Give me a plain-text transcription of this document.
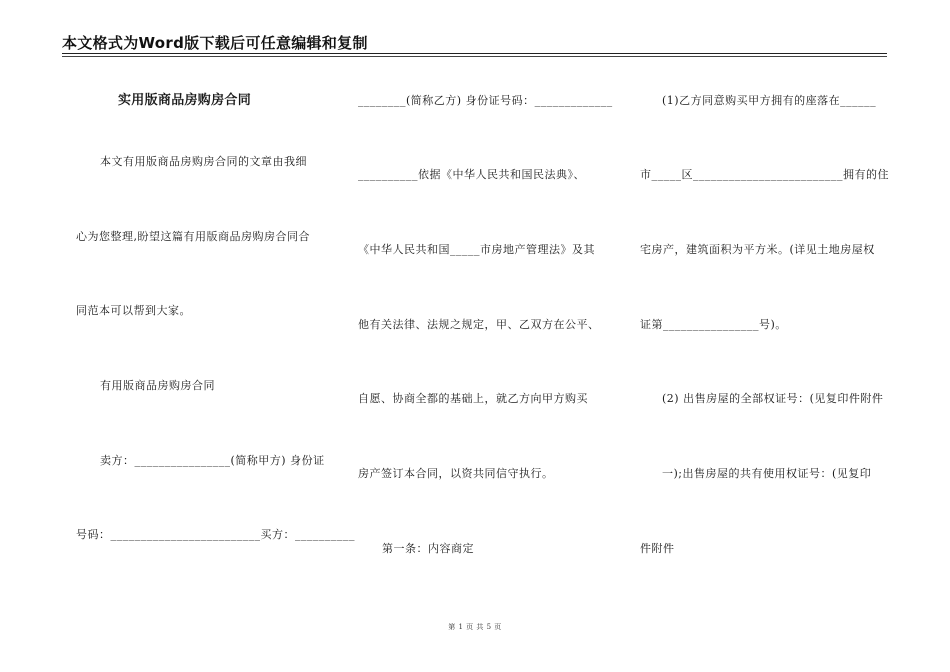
本文格式为Word版下载后可任意编辑和复制
实用版商品房购房合同
本文有用版商品房购房合同的文章由我细
心为您整理,盼望这篇有用版商品房购房合同合
同范本可以帮到大家。
有用版商品房购房合同
卖方：________________(简称甲方) 身份证
号码：_________________________买方：__________
________(简称乙方) 身份证号码：_____________
__________依据《中华人民共和国民法典》、
《中华人民共和国_____市房地产管理法》及其
他有关法律、法规之规定，甲、乙双方在公平、
自愿、协商全都的基础上，就乙方向甲方购买
房产签订本合同，以资共同信守执行。
第一条：内容商定
(1)乙方同意购买甲方拥有的座落在______
市_____区_________________________拥有的住
宅房产，建筑面积为平方米。(详见土地房屋权
证第________________号)。
(2) 出售房屋的全部权证号：(见复印件附件
一);出售房屋的共有使用权证号：(见复印
件附件
第 1 页 共 5 页
